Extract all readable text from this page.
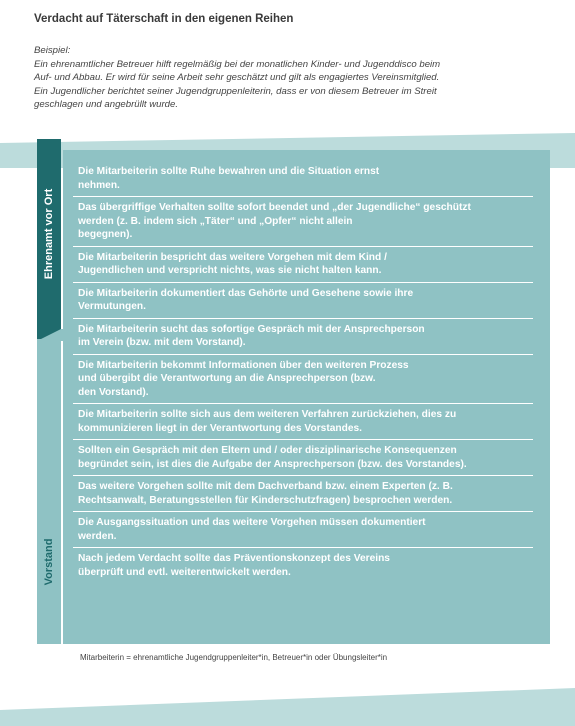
Verdacht auf Täterschaft in den eigenen Reihen
Beispiel:
Ein ehrenamtlicher Betreuer hilft regelmäßig bei der monatlichen Kinder- und Jugenddisco beim
Auf- und Abbau. Er wird für seine Arbeit sehr geschätzt und gilt als engagiertes Vereinsmitglied.
Ein Jugendlicher berichtet seiner Jugendgruppenleiterin, dass er von diesem Betreuer im Streit
geschlagen und angebrüllt wurde.
Ehrenamt vor Ort
Vorstand
Die Mitarbeiterin sollte Ruhe bewahren und die Situation ernst
nehmen.
Das übergriffige Verhalten sollte sofort beendet und „der Jugendliche“ geschützt
werden (z. B. indem sich „Täter“ und „Opfer“ nicht allein
begegnen).
Die Mitarbeiterin bespricht das weitere Vorgehen mit dem Kind /
Jugendlichen und verspricht nichts, was sie nicht halten kann.
Die Mitarbeiterin dokumentiert das Gehörte und Gesehene sowie ihre
Vermutungen.
Die Mitarbeiterin sucht das sofortige Gespräch mit der Ansprechperson
im Verein (bzw. mit dem Vorstand).
Die Mitarbeiterin bekommt Informationen über den weiteren Prozess
und übergibt die Verantwortung an die Ansprechperson (bzw.
den Vorstand).
Die Mitarbeiterin sollte sich aus dem weiteren Verfahren zurückziehen, dies zu
kommunizieren liegt in der Verantwortung des Vorstandes.
Sollten ein Gespräch mit den Eltern und / oder disziplinarische Konsequenzen
begründet sein, ist dies die Aufgabe der Ansprechperson (bzw. des Vorstandes).
Das weitere Vorgehen sollte mit dem Dachverband bzw. einem Experten (z. B.
Rechtsanwalt, Beratungsstellen für Kinderschutzfragen) besprochen werden.
Die Ausgangssituation und das weitere Vorgehen müssen dokumentiert
werden.
Nach jedem Verdacht sollte das Präventionskonzept des Vereins
überprüft und evtl. weiterentwickelt werden.
Mitarbeiterin = ehrenamtliche Jugendgruppenleiter*in, Betreuer*in oder Übungsleiter*in
